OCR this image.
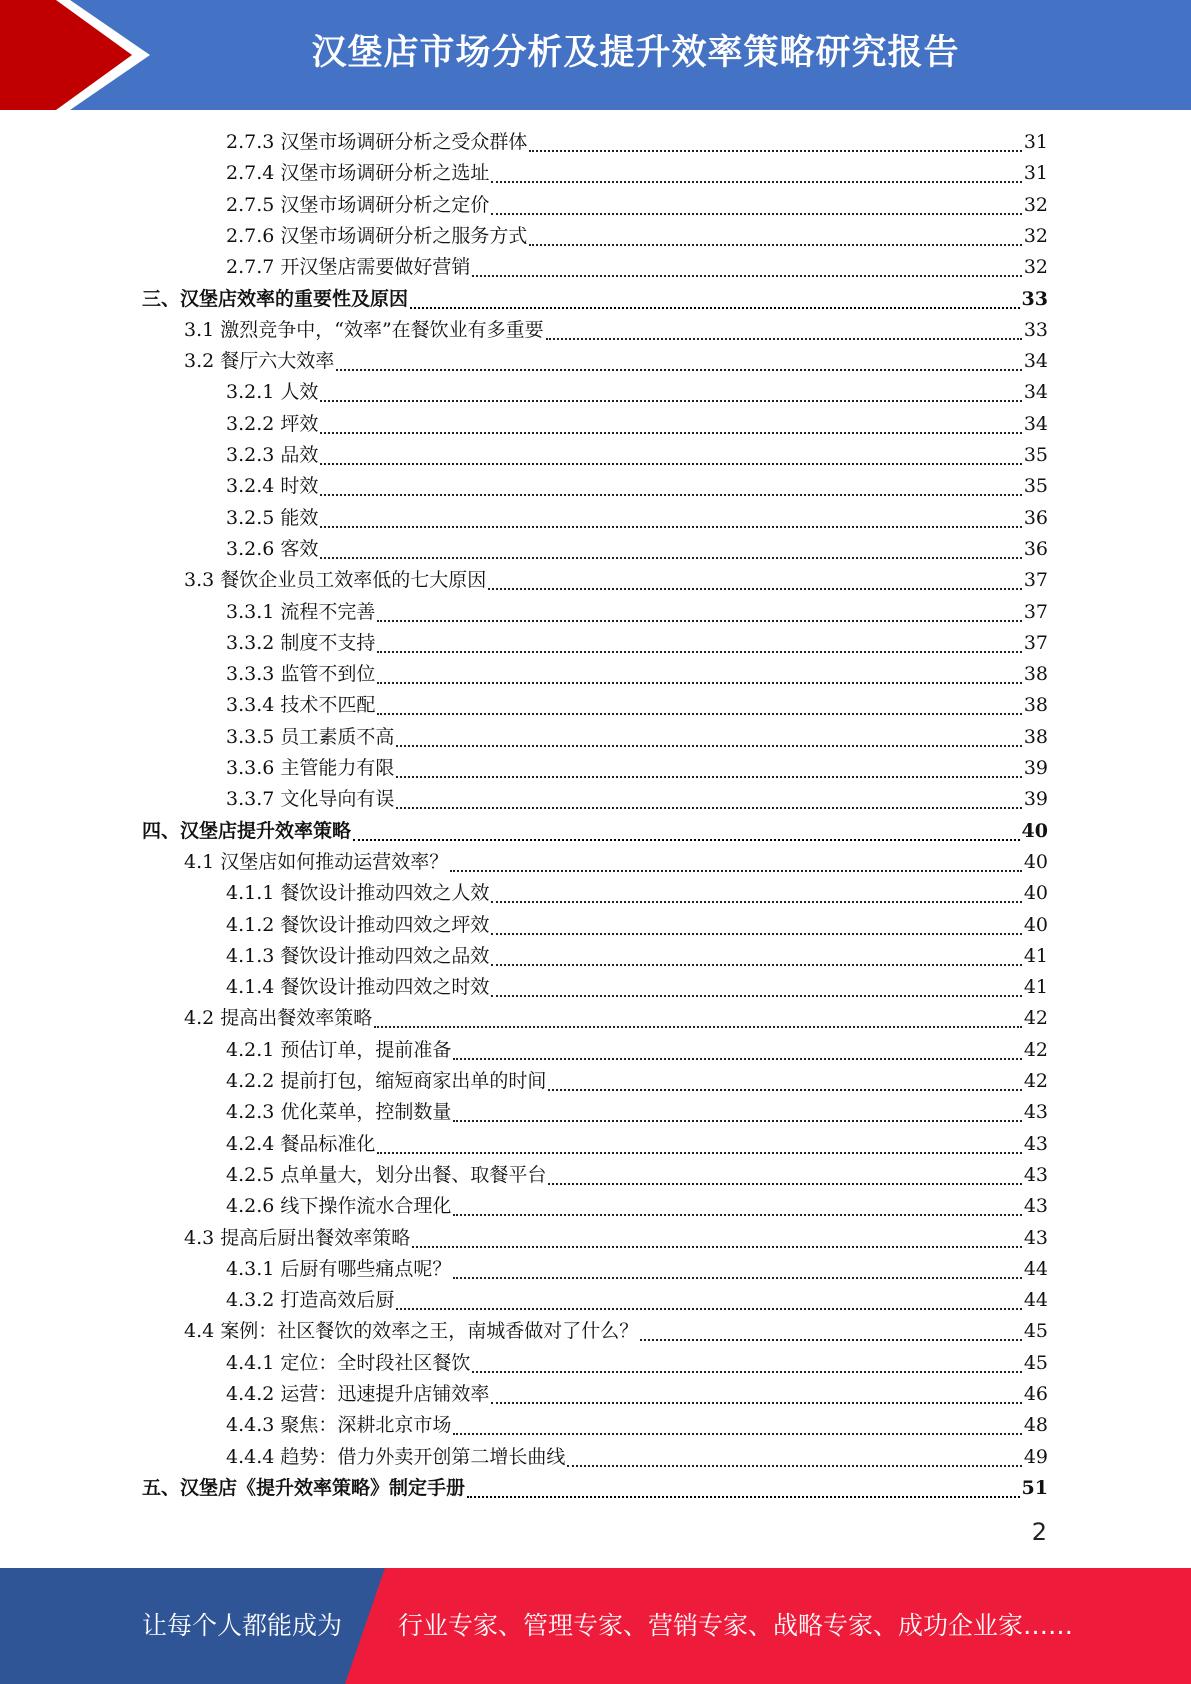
汉堡店市场分析及提升效率策略研究报告
2.7.3 汉堡市场调研分析之受众群体	31
2.7.4 汉堡市场调研分析之选址	31
2.7.5 汉堡市场调研分析之定价	32
2.7.6 汉堡市场调研分析之服务方式	32
2.7.7 开汉堡店需要做好营销	32
三、汉堡店效率的重要性及原因	33
3.1 激烈竞争中，“效率”在餐饮业有多重要	33
3.2 餐厅六大效率	34
3.2.1 人效	34
3.2.2 坪效	34
3.2.3 品效	35
3.2.4 时效	35
3.2.5 能效	36
3.2.6 客效	36
3.3 餐饮企业员工效率低的七大原因	37
3.3.1 流程不完善	37
3.3.2 制度不支持	37
3.3.3 监管不到位	38
3.3.4 技术不匹配	38
3.3.5 员工素质不高	38
3.3.6 主管能力有限	39
3.3.7 文化导向有误	39
四、汉堡店提升效率策略	40
4.1 汉堡店如何推动运营效率？	40
4.1.1 餐饮设计推动四效之人效	40
4.1.2 餐饮设计推动四效之坪效	40
4.1.3 餐饮设计推动四效之品效	41
4.1.4 餐饮设计推动四效之时效	41
4.2 提高出餐效率策略	42
4.2.1 预估订单，提前准备	42
4.2.2 提前打包，缩短商家出单的时间	42
4.2.3 优化菜单，控制数量	43
4.2.4 餐品标准化	43
4.2.5 点单量大，划分出餐、取餐平台	43
4.2.6 线下操作流水合理化	43
4.3 提高后厨出餐效率策略	43
4.3.1 后厨有哪些痛点呢？	44
4.3.2 打造高效后厨	44
4.4 案例：社区餐饮的效率之王，南城香做对了什么？	45
4.4.1 定位：全时段社区餐饮	45
4.4.2 运营：迅速提升店铺效率	46
4.4.3 聚焦：深耕北京市场	48
4.4.4 趋势：借力外卖开创第二增长曲线	49
五、汉堡店《提升效率策略》制定手册	51
2
让每个人都能成为 行业专家、管理专家、营销专家、战略专家、成功企业家……
